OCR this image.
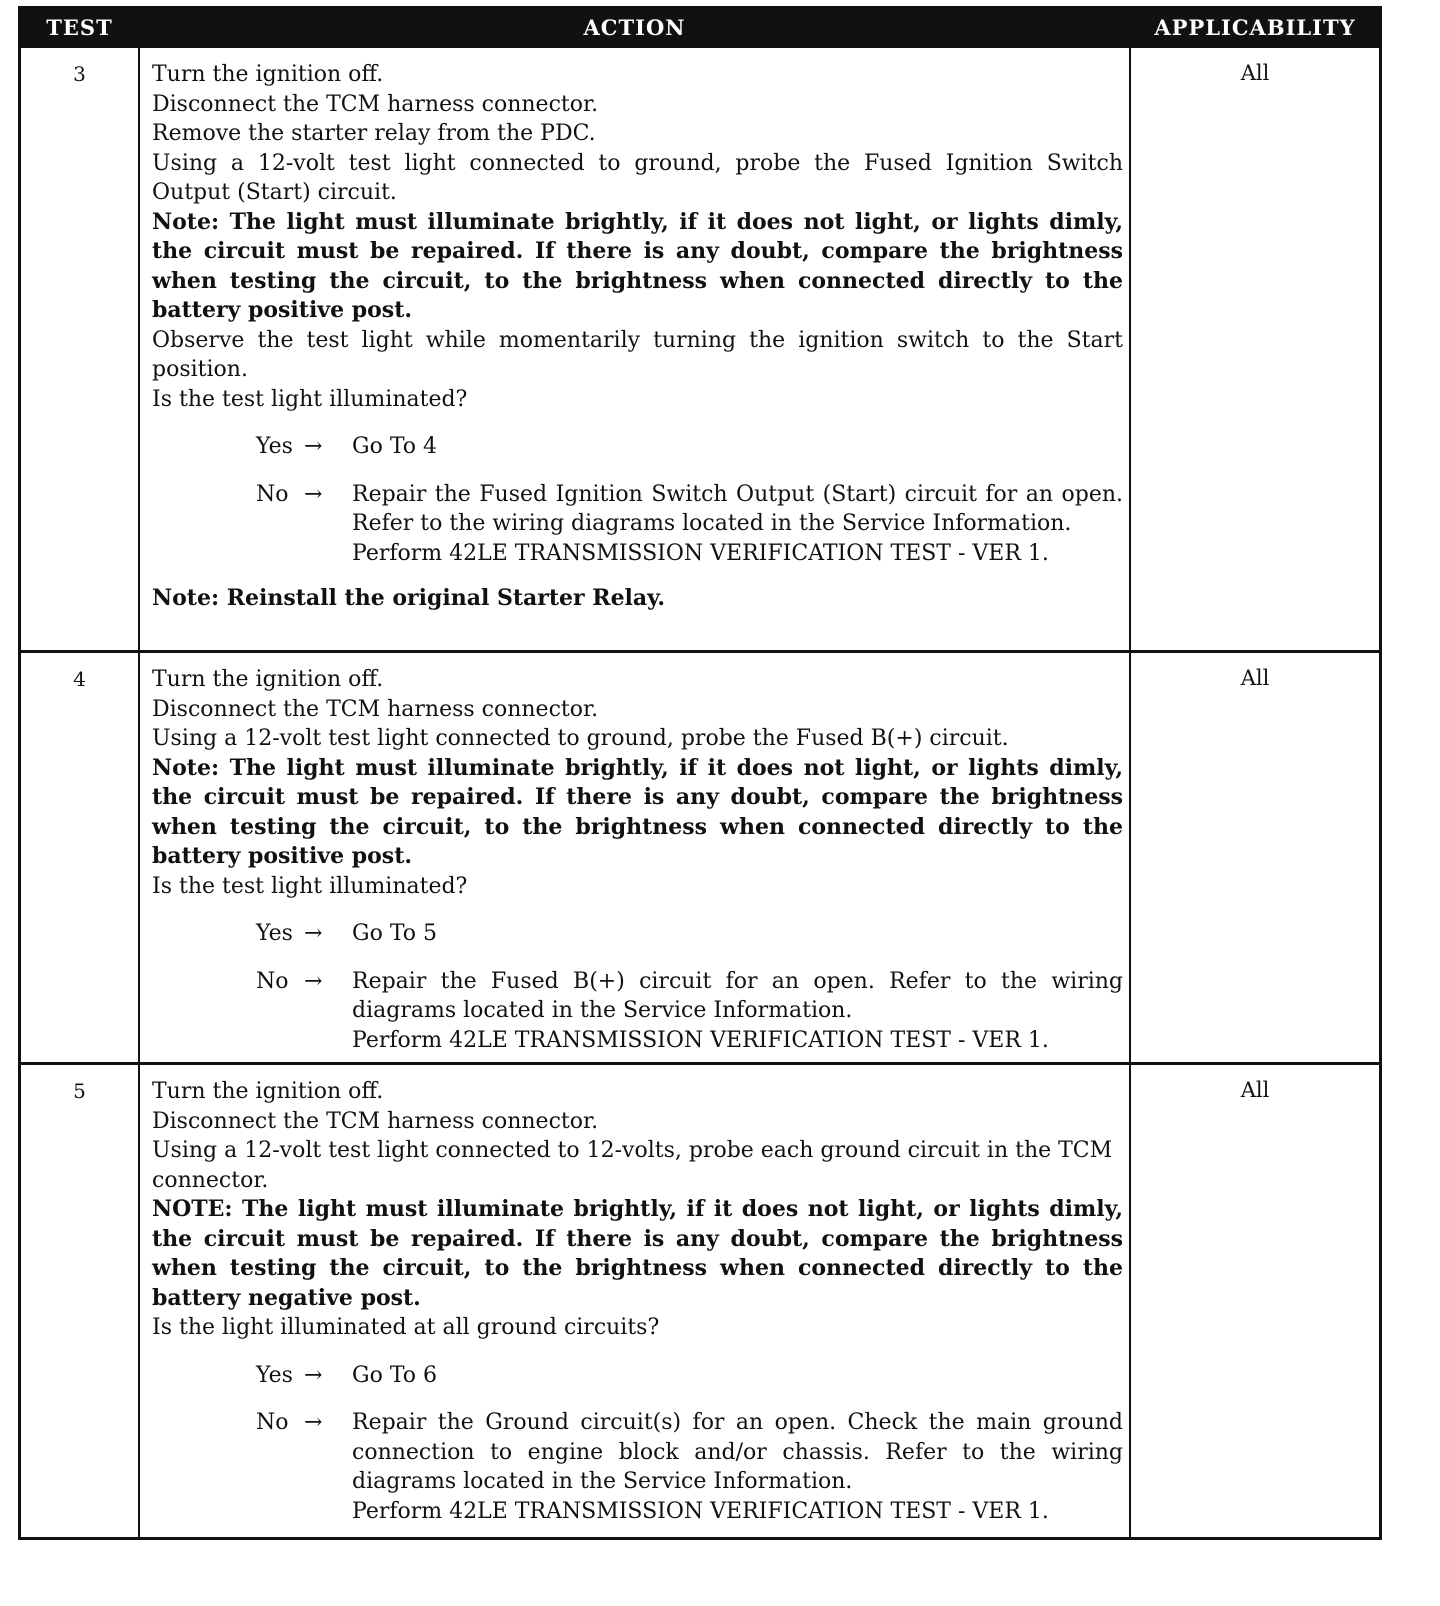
TEST	ACTION	APPLICABILITY
3	Turn the ignition off.
Disconnect the TCM harness connector.
Remove the starter relay from the PDC.
Using a 12-volt test light connected to ground, probe the Fused Ignition Switch Output (Start) circuit.
Note: The light must illuminate brightly, if it does not light, or lights dimly, the circuit must be repaired. If there is any doubt, compare the brightness when testing the circuit, to the brightness when connected directly to the battery positive post.
Observe the test light while momentarily turning the ignition switch to the Start position.
Is the test light illuminated?
Yes →	Go To 4
No →	Repair the Fused Ignition Switch Output (Start) circuit for an open. Refer to the wiring diagrams located in the Service Information.
Perform 42LE TRANSMISSION VERIFICATION TEST - VER 1.
Note: Reinstall the original Starter Relay.
All
4	Turn the ignition off.
Disconnect the TCM harness connector.
Using a 12-volt test light connected to ground, probe the Fused B(+) circuit.
Note: The light must illuminate brightly, if it does not light, or lights dimly, the circuit must be repaired. If there is any doubt, compare the brightness when testing the circuit, to the brightness when connected directly to the battery positive post.
Is the test light illuminated?
Yes →	Go To 5
No →	Repair the Fused B(+) circuit for an open. Refer to the wiring diagrams located in the Service Information.
Perform 42LE TRANSMISSION VERIFICATION TEST - VER 1.
All
5	Turn the ignition off.
Disconnect the TCM harness connector.
Using a 12-volt test light connected to 12-volts, probe each ground circuit in the TCM connector.
NOTE: The light must illuminate brightly, if it does not light, or lights dimly, the circuit must be repaired. If there is any doubt, compare the brightness when testing the circuit, to the brightness when connected directly to the battery negative post.
Is the light illuminated at all ground circuits?
Yes →	Go To 6
No →	Repair the Ground circuit(s) for an open. Check the main ground connection to engine block and/or chassis. Refer to the wiring diagrams located in the Service Information.
Perform 42LE TRANSMISSION VERIFICATION TEST - VER 1.
All
